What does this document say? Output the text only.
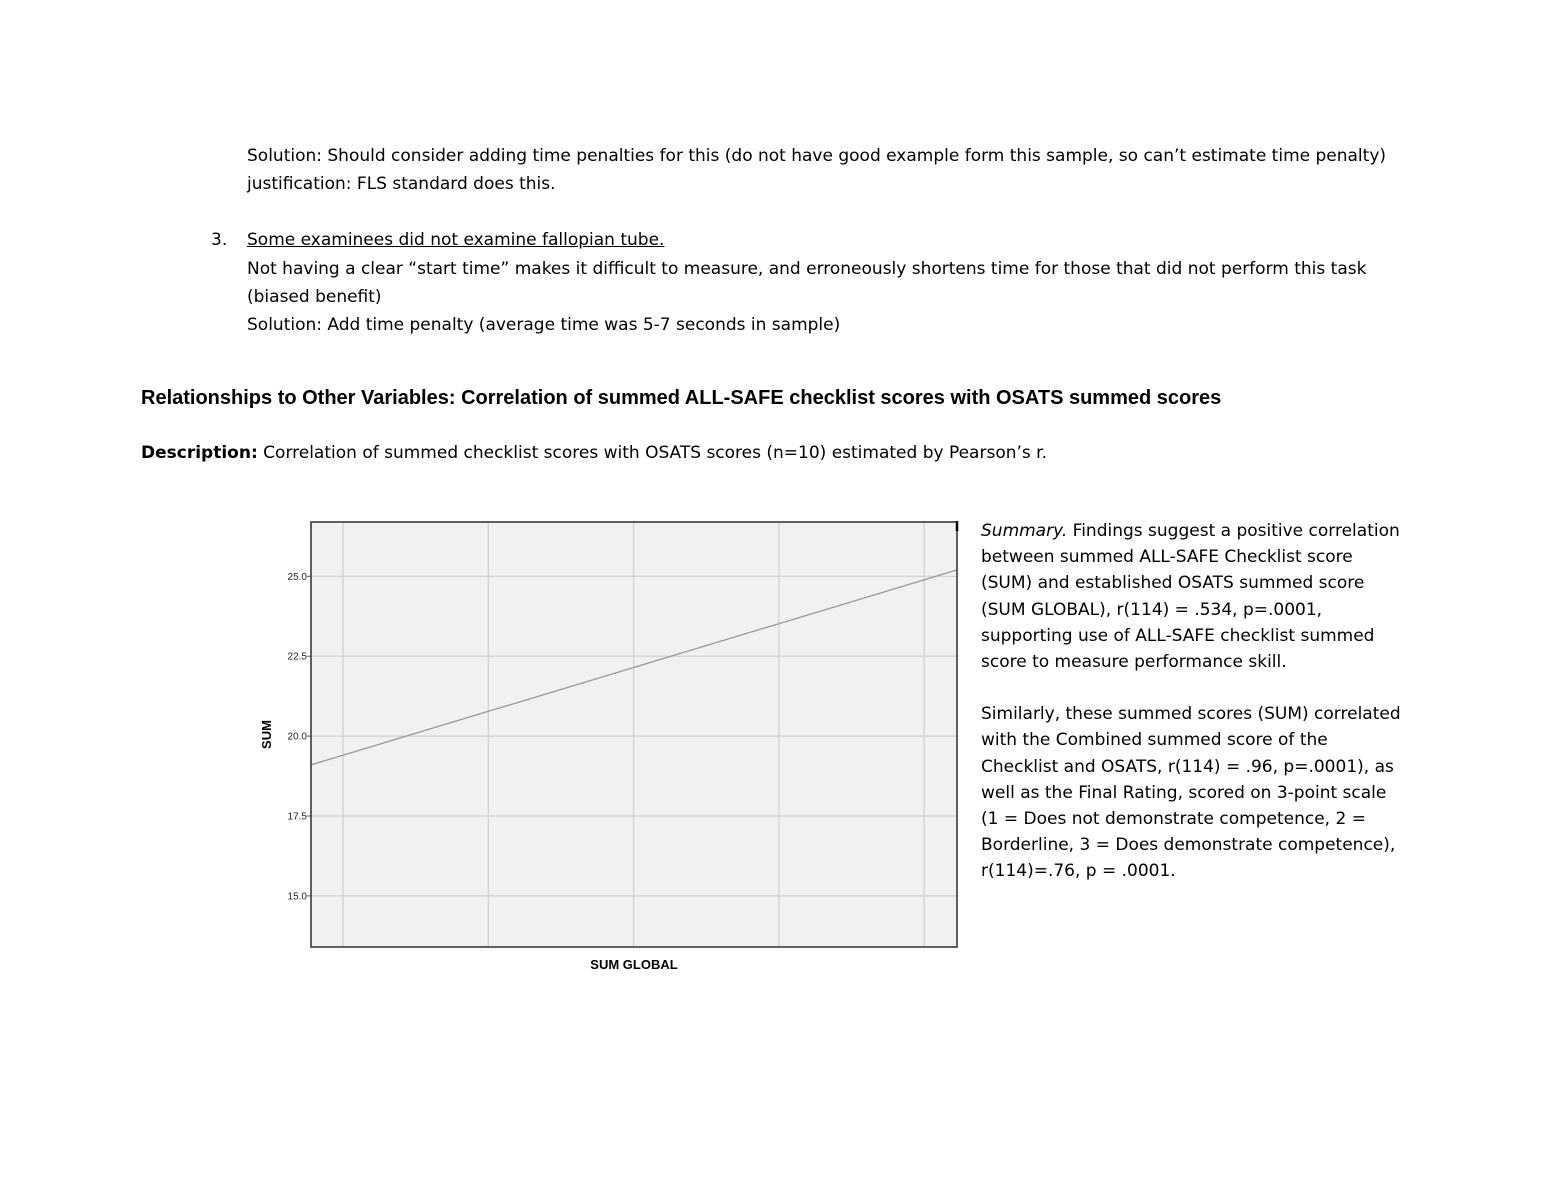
Solution: Should consider adding time penalties for this (do not have good example form this sample, so can’t estimate time penalty)

justification: FLS standard does this.

3. Some examinees did not examine fallopian tube.

Not having a clear “start time” makes it difficult to measure, and erroneously shortens time for those that did not perform this task

(biased benefit)

Solution: Add time penalty (average time was 5-7 seconds in sample)

Relationships to Other Variables: Correlation of summed ALL-SAFE checklist scores with OSATS summed scores

Description: Correlation of summed checklist scores with OSATS scores (n=10) estimated by Pearson’s r.

25.0
22.5
20.0
17.5
15.0
SUM
SUM GLOBAL

Summary. Findings suggest a positive correlation between summed ALL-SAFE Checklist score (SUM) and established OSATS summed score (SUM GLOBAL), r(114) = .534, p=.0001, supporting use of ALL-SAFE checklist summed score to measure performance skill.

Similarly, these summed scores (SUM) correlated with the Combined summed score of the Checklist and OSATS, r(114) = .96, p=.0001), as well as the Final Rating, scored on 3-point scale (1 = Does not demonstrate competence, 2 = Borderline, 3 = Does demonstrate competence), r(114)=.76, p = .0001.
